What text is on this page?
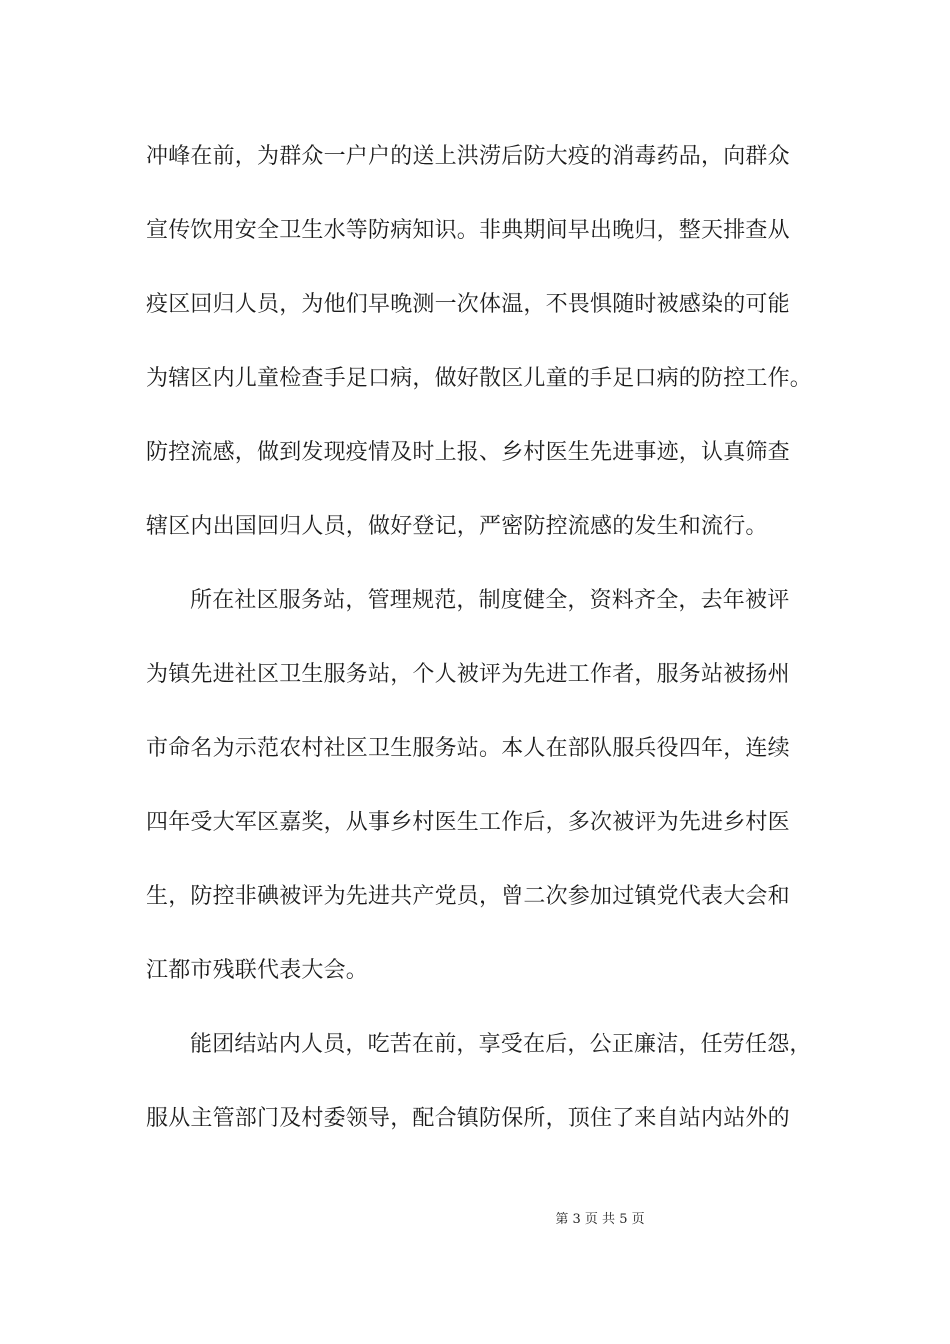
冲峰在前，为群众一户户的送上洪涝后防大疫的消毒药品，向群众
宣传饮用安全卫生水等防病知识。非典期间早出晚归，整天排查从
疫区回归人员，为他们早晚测一次体温，不畏惧随时被感染的可能
为辖区内儿童检查手足口病，做好散区儿童的手足口病的防控工作。
防控流感，做到发现疫情及时上报、乡村医生先进事迹，认真筛查
辖区内出国回归人员，做好登记，严密防控流感的发生和流行。
所在社区服务站，管理规范，制度健全，资料齐全，去年被评
为镇先进社区卫生服务站，个人被评为先进工作者，服务站被扬州
市命名为示范农村社区卫生服务站。本人在部队服兵役四年，连续
四年受大军区嘉奖，从事乡村医生工作后，多次被评为先进乡村医
生，防控非碘被评为先进共产党员，曾二次参加过镇党代表大会和
江都市残联代表大会。
能团结站内人员，吃苦在前，享受在后，公正廉洁，任劳任怨，
服从主管部门及村委领导，配合镇防保所，顶住了来自站内站外的
第 3 页 共 5 页
